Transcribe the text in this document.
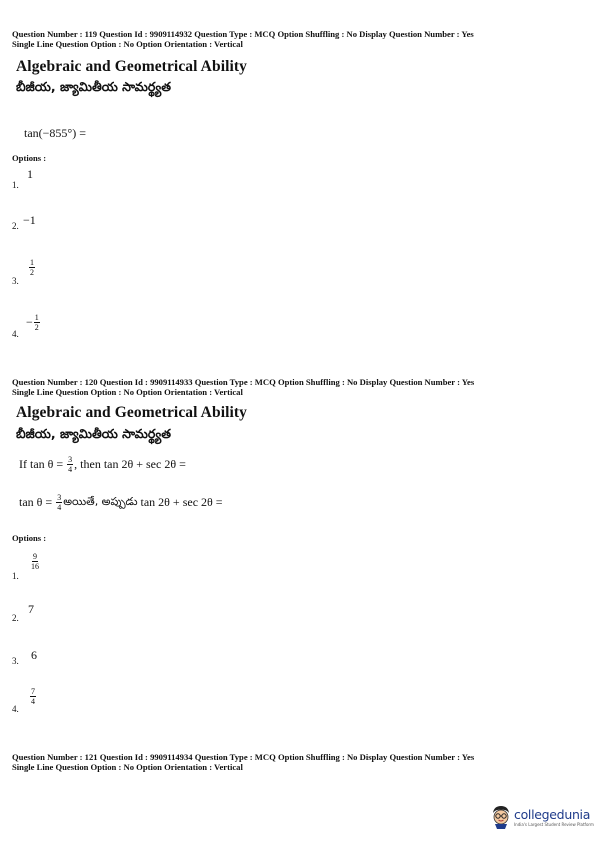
Question Number : 119 Question Id : 9909114932 Question Type : MCQ Option Shuffling : No Display Question Number : Yes
Single Line Question Option : No Option Orientation : Vertical
Algebraic and Geometrical Ability
బీజీయ, జ్యామితీయ సామర్థ్యత
tan(−855°) =
Options :
1.
1
2. −1
3.
$\frac{1}{2}$
4.
− $\frac{1}{2}$
Question Number : 120 Question Id : 9909114933 Question Type : MCQ Option Shuffling : No Display Question Number : Yes
Single Line Question Option : No Option Orientation : Vertical
Algebraic and Geometrical Ability
బీజీయ, జ్యామితీయ సామర్థ్యత
If $\tan \theta = \frac{3}{4}$ , then tan 2θ + sec 2θ =
$\tan \theta = \frac{3}{4}$ అయితే, అప్పుడు tan 2θ + sec 2θ =
Options :
1.
$\frac{9}{16}$
2.
7
3. 6
4.
$\frac{7}{4}$
Question Number : 121 Question Id : 9909114934 Question Type : MCQ Option Shuffling : No Display Question Number : Yes
Single Line Question Option : No Option Orientation : Vertical
collegedunia
India's Largest Student Review Platform
